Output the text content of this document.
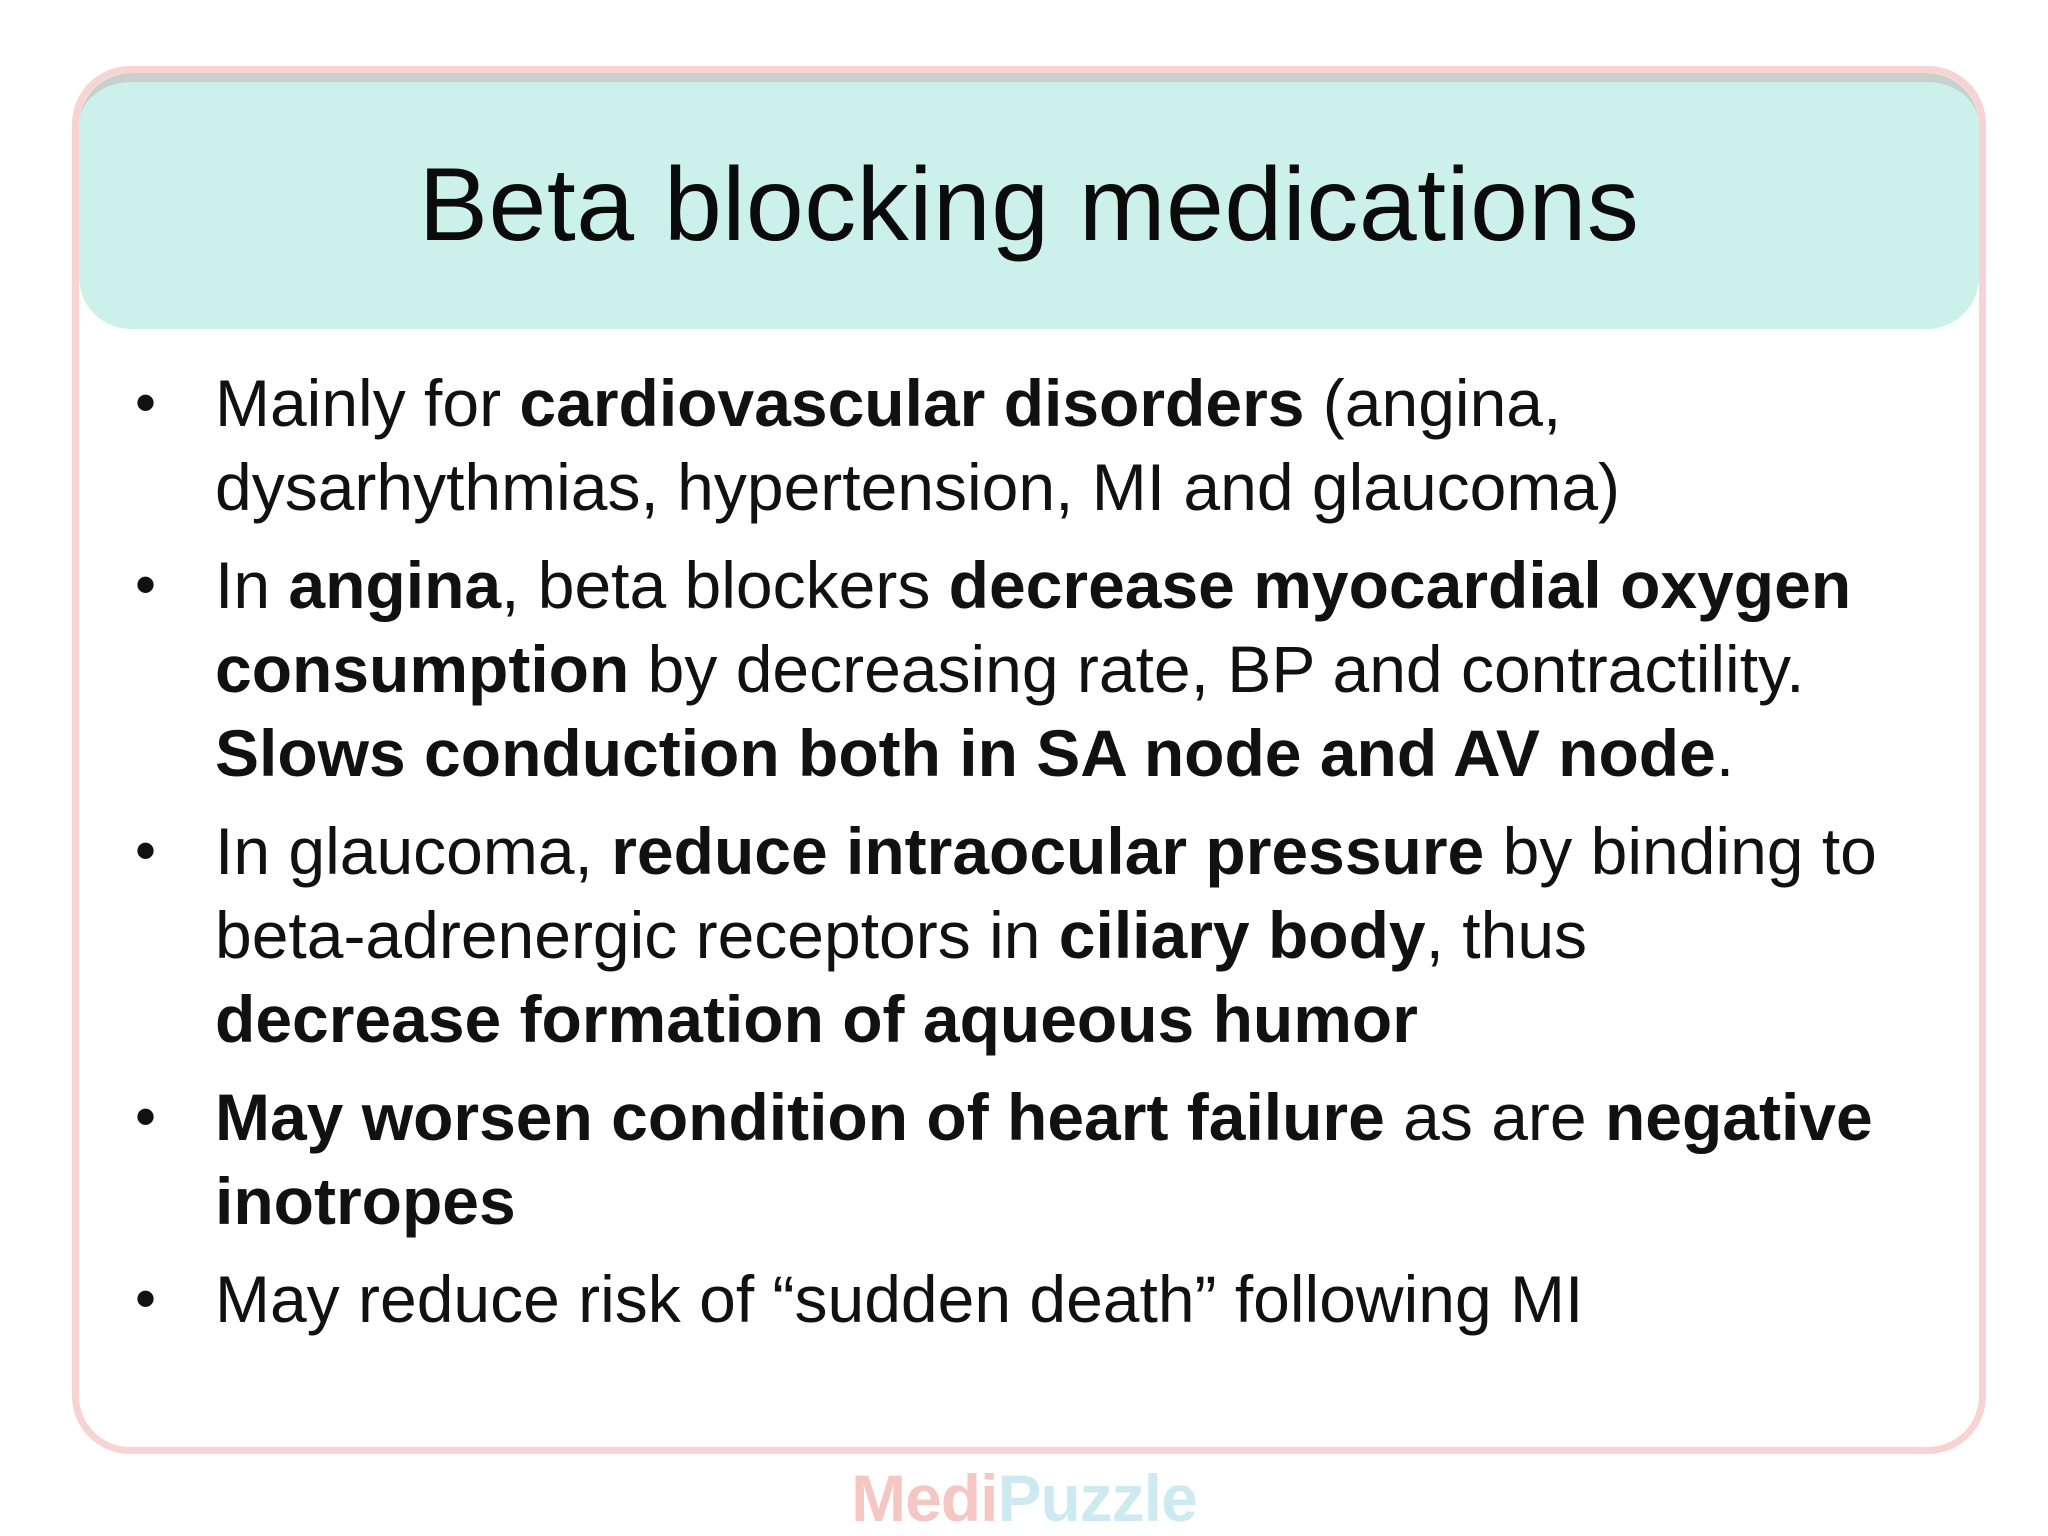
Beta blocking medications
• Mainly for cardiovascular disorders (angina,
dysarhythmias, hypertension, MI and glaucoma)
• In angina, beta blockers decrease myocardial oxygen
consumption by decreasing rate, BP and contractility.
Slows conduction both in SA node and AV node.
• In glaucoma, reduce intraocular pressure by binding to
beta-adrenergic receptors in ciliary body, thus
decrease formation of aqueous humor
• May worsen condition of heart failure as are negative
inotropes
• May reduce risk of “sudden death” following MI
MediPuzzle
